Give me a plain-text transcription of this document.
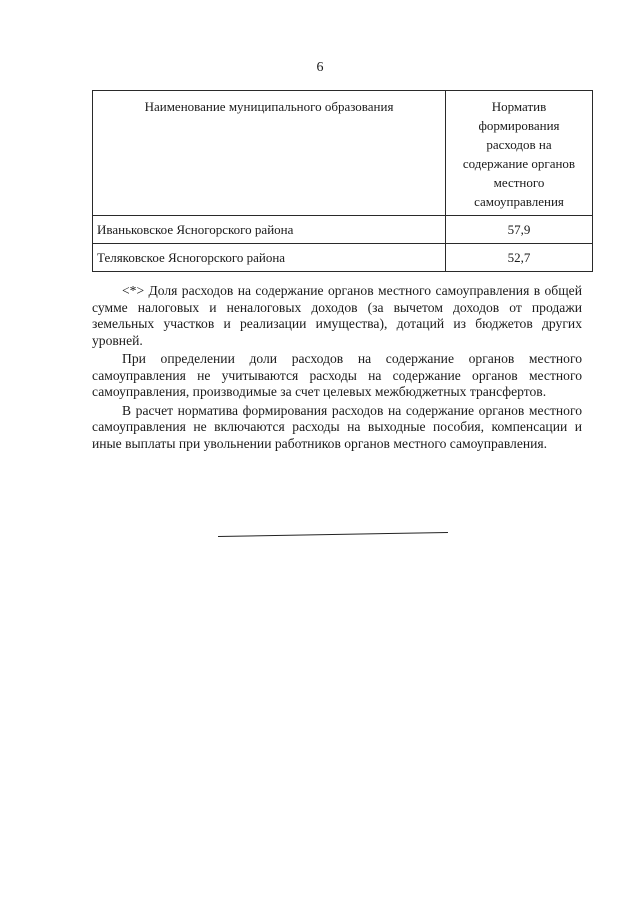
6
Наименование муниципального образования	Норматив формирования расходов на содержание органов местного самоуправления
Иваньковское Ясногорского района	57,9
Теляковское Ясногорского района	52,7

<*> Доля расходов на содержание органов местного самоуправления в общей сумме налоговых и неналоговых доходов (за вычетом доходов от продажи земельных участков и реализации имущества), дотаций из бюджетов других уровней.

При определении доли расходов на содержание органов местного самоуправления не учитываются расходы на содержание органов местного самоуправления, производимые за счет целевых межбюджетных трансфертов.

В расчет норматива формирования расходов на содержание органов местного самоуправления не включаются расходы на выходные пособия, компенсации и иные выплаты при увольнении работников органов местного самоуправления.
